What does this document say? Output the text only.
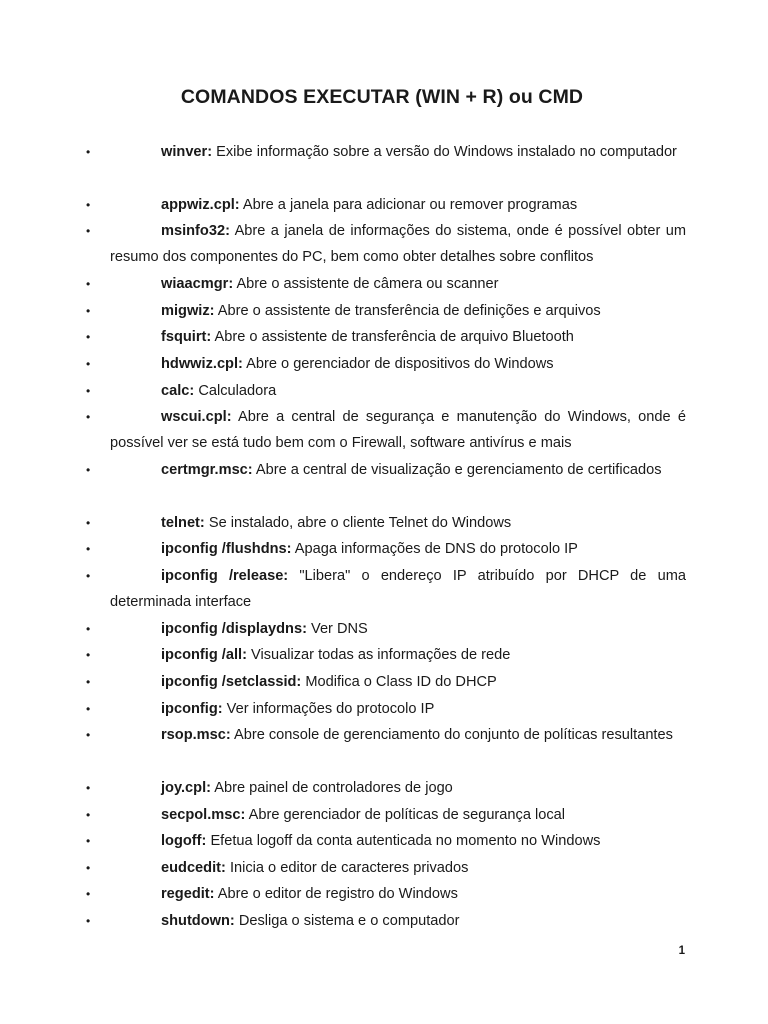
COMANDOS EXECUTAR (WIN + R) ou CMD
•	winver: Exibe informação sobre a versão do Windows instalado no computador
•	appwiz.cpl: Abre a janela para adicionar ou remover programas
•	msinfo32: Abre a janela de informações do sistema, onde é possível obter um resumo dos componentes do PC, bem como obter detalhes sobre conflitos
•	wiaacmgr: Abre o assistente de câmera ou scanner
•	migwiz: Abre o assistente de transferência de definições e arquivos
•	fsquirt: Abre o assistente de transferência de arquivo Bluetooth
•	hdwwiz.cpl: Abre o gerenciador de dispositivos do Windows
•	calc: Calculadora
•	wscui.cpl: Abre a central de segurança e manutenção do Windows, onde é possível ver se está tudo bem com o Firewall, software antivírus e mais
•	certmgr.msc: Abre a central de visualização e gerenciamento de certificados
•	telnet: Se instalado, abre o cliente Telnet do Windows
•	ipconfig /flushdns: Apaga informações de DNS do protocolo IP
•	ipconfig /release: "Libera" o endereço IP atribuído por DHCP de uma determinada interface
•	ipconfig /displaydns: Ver DNS
•	ipconfig /all: Visualizar todas as informações de rede
•	ipconfig /setclassid: Modifica o Class ID do DHCP
•	ipconfig: Ver informações do protocolo IP
•	rsop.msc: Abre console de gerenciamento do conjunto de políticas resultantes
•	joy.cpl: Abre painel de controladores de jogo
•	secpol.msc: Abre gerenciador de políticas de segurança local
•	logoff: Efetua logoff da conta autenticada no momento no Windows
•	eudcedit: Inicia o editor de caracteres privados
•	regedit: Abre o editor de registro do Windows
•	shutdown: Desliga o sistema e o computador
1
